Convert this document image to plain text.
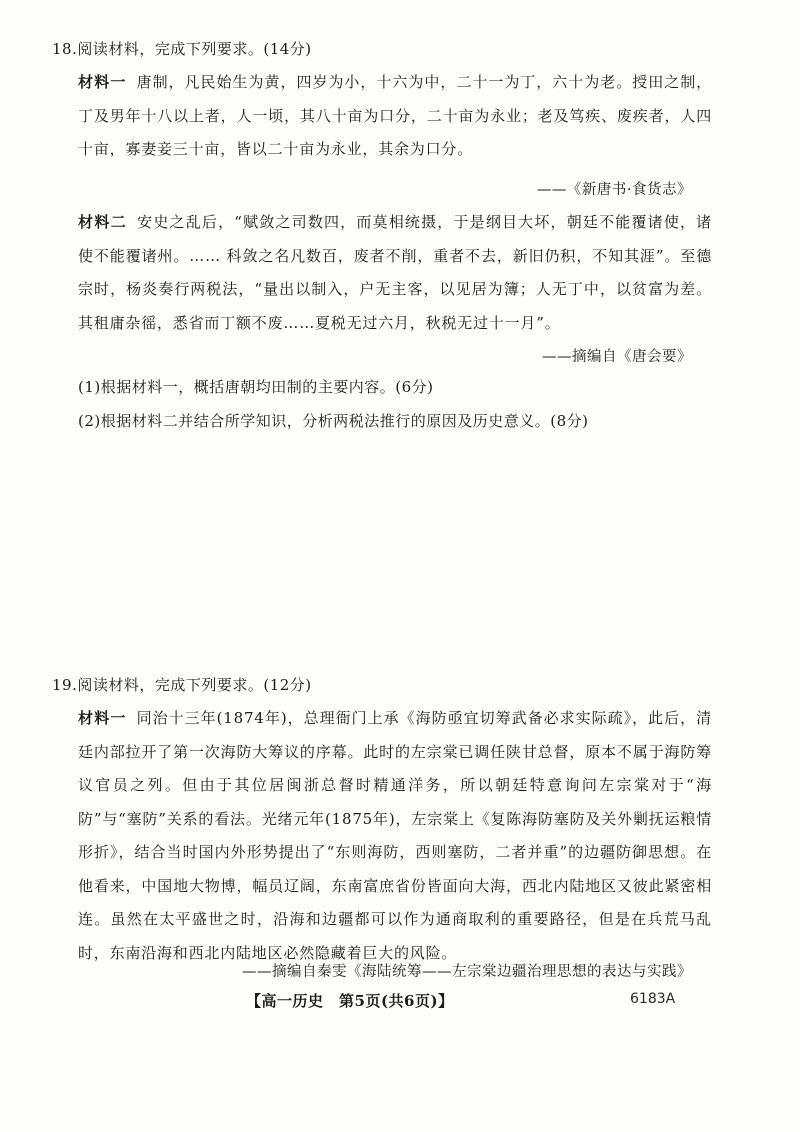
18.阅读材料，完成下列要求。(14分)
材料一 唐制，凡民始生为黄，四岁为小，十六为中，二十一为丁，六十为老。授田之制，丁及男年十八以上者，人一顷，其八十亩为口分，二十亩为永业；老及笃疾、废疾者，人四十亩，寡妻妾三十亩，皆以二十亩为永业，其余为口分。
——《新唐书·食货志》
材料二 安史之乱后，“赋敛之司数四，而莫相统摄，于是纲目大坏，朝廷不能覆诸使，诸使不能覆诸州。…… 科敛之名凡数百，废者不削，重者不去，新旧仍积，不知其涯”。至德宗时，杨炎奏行两税法，“量出以制入，户无主客，以见居为簿；人无丁中，以贫富为差。其租庸杂徭，悉省而丁额不废……夏税无过六月，秋税无过十一月”。
——摘编自《唐会要》
(1)根据材料一，概括唐朝均田制的主要内容。(6分)
(2)根据材料二并结合所学知识，分析两税法推行的原因及历史意义。(8分)
19.阅读材料，完成下列要求。(12分)
材料一 同治十三年(1874年)，总理衙门上承《海防亟宜切筹武备必求实际疏》，此后，清廷内部拉开了第一次海防大筹议的序幕。此时的左宗棠已调任陕甘总督，原本不属于海防筹议官员之列。但由于其位居闽浙总督时精通洋务，所以朝廷特意询问左宗棠对于“海防”与“塞防”关系的看法。光绪元年(1875年)，左宗棠上《复陈海防塞防及关外剿抚运粮情形折》，结合当时国内外形势提出了“东则海防，西则塞防，二者并重”的边疆防御思想。在他看来，中国地大物博，幅员辽阔，东南富庶省份皆面向大海，西北内陆地区又彼此紧密相连。虽然在太平盛世之时，沿海和边疆都可以作为通商取利的重要路径，但是在兵荒马乱时，东南沿海和西北内陆地区必然隐藏着巨大的风险。
——摘编自秦雯《海陆统筹——左宗棠边疆治理思想的表达与实践》
【高一历史　第5页(共6页)】	6183A
